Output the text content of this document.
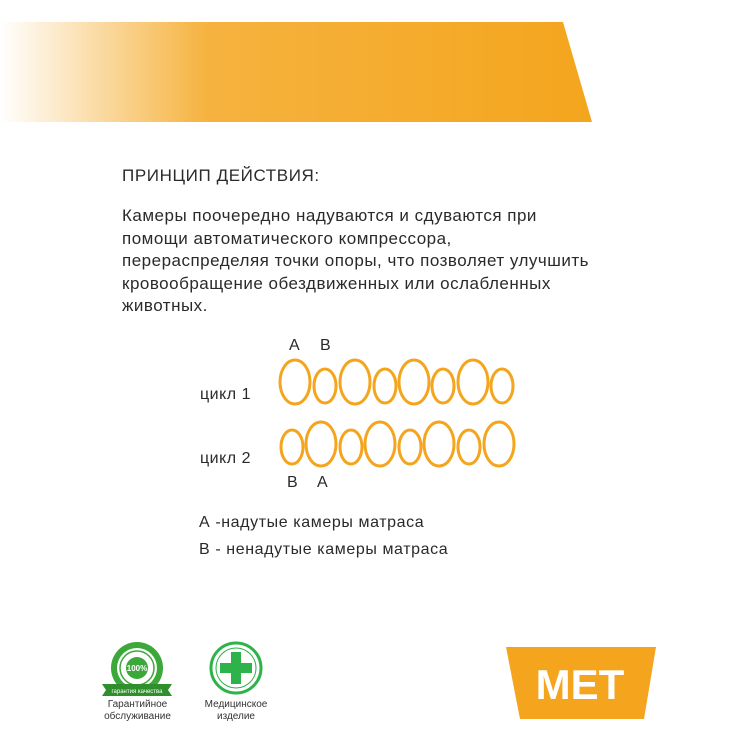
ПРИНЦИП ДЕЙСТВИЯ:
Камеры поочередно надуваются и сдуваются при помощи автоматического компрессора, перераспределяя точки опоры, что позволяет улучшить кровообращение обездвиженных или ослабленных животных.
A B
цикл 1
цикл 2
B A
А -надутые камеры матраса
В - ненадутые камеры матраса
100%
гарантия качества
Гарантийное
обслуживание
Медицинское
изделие
МЕТ
